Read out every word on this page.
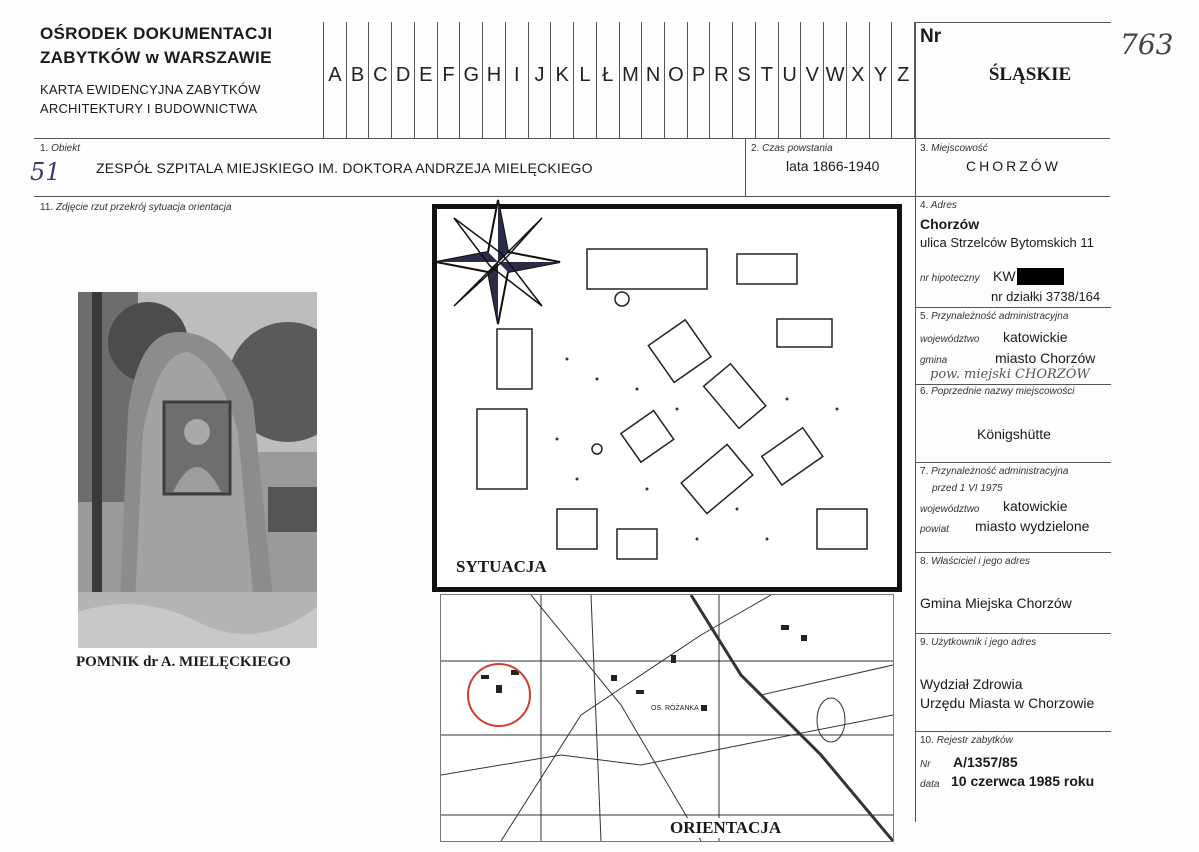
OŚRODEK DOKUMENTACJI
ZABYTKÓW w WARSZAWIE
KARTA EWIDENCYJNA ZABYTKÓW
ARCHITEKTURY I BUDOWNICTWA
A B C D E F G H I J K L Ł M N O P R S T U V W X Y Z
Nr
ŚLĄSKIE
763
1. Obiekt
51	ZESPÓŁ SZPITALA MIEJSKIEGO IM. DOKTORA ANDRZEJA MIELĘCKIEGO
2. Czas powstania
lata 1866-1940
3. Miejscowość
CHORZÓW
11. Zdjęcie rzut przekrój sytuacja orientacja	4. Adres
Chorzów
ulica Strzelców Bytomskich 11
nr hipoteczny KW
nr działki 3738/164
5. Przynależność administracyjna
województwo katowickie
gmina	miasto Chorzów
pow. miejski CHORZÓW
6. Poprzednie nazwy miejscowości
Königshütte
7. Przynależność administracyjna
przed 1 VI 1975
województwo katowickie
powiat miasto wydzielone
8. Właściciel i jego adres
Gmina Miejska Chorzów
9. Użytkownik i jego adres
Wydział Zdrowia
Urzędu Miasta w Chorzowie
10. Rejestr zabytków
Nr A/1357/85
data 10 czerwca 1985 roku
POMNIK dr A. MIELĘCKIEGO
SYTUACJA
OS. RÓŻANKA
ORIENTACJA
